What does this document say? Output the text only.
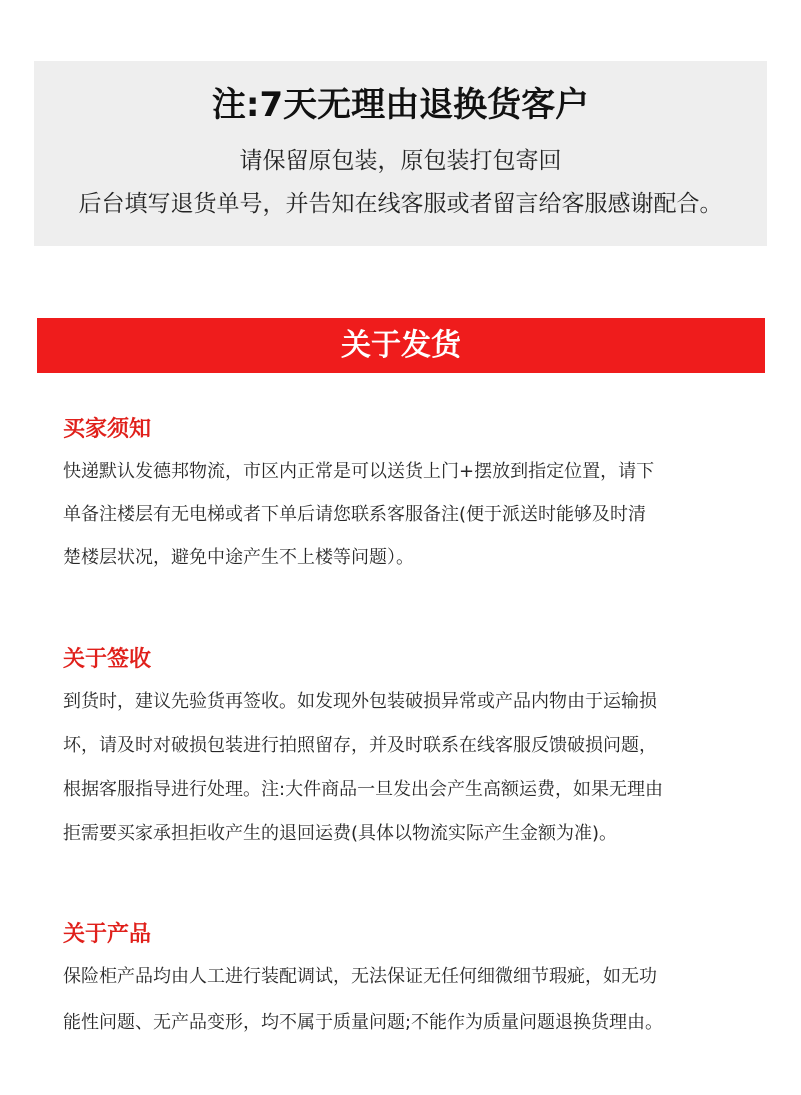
注:7天无理由退换货客户
请保留原包装，原包装打包寄回
后台填写退货单号，并告知在线客服或者留言给客服感谢配合。
关于发货
买家须知
快递默认发德邦物流，市区内正常是可以送货上门+摆放到指定位置，请下
单备注楼层有无电梯或者下单后请您联系客服备注(便于派送时能够及时清
楚楼层状况，避免中途产生不上楼等问题）。
关于签收
到货时，建议先验货再签收。如发现外包装破损异常或产品内物由于运输损
坏，请及时对破损包装进行拍照留存，并及时联系在线客服反馈破损问题，
根据客服指导进行处理。注:大件商品一旦发出会产生高额运费，如果无理由
拒需要买家承担拒收产生的退回运费(具体以物流实际产生金额为准)。
关于产品
保险柜产品均由人工进行装配调试，无法保证无任何细微细节瑕疵，如无功
能性问题、无产品变形，均不属于质量问题;不能作为质量问题退换货理由。
